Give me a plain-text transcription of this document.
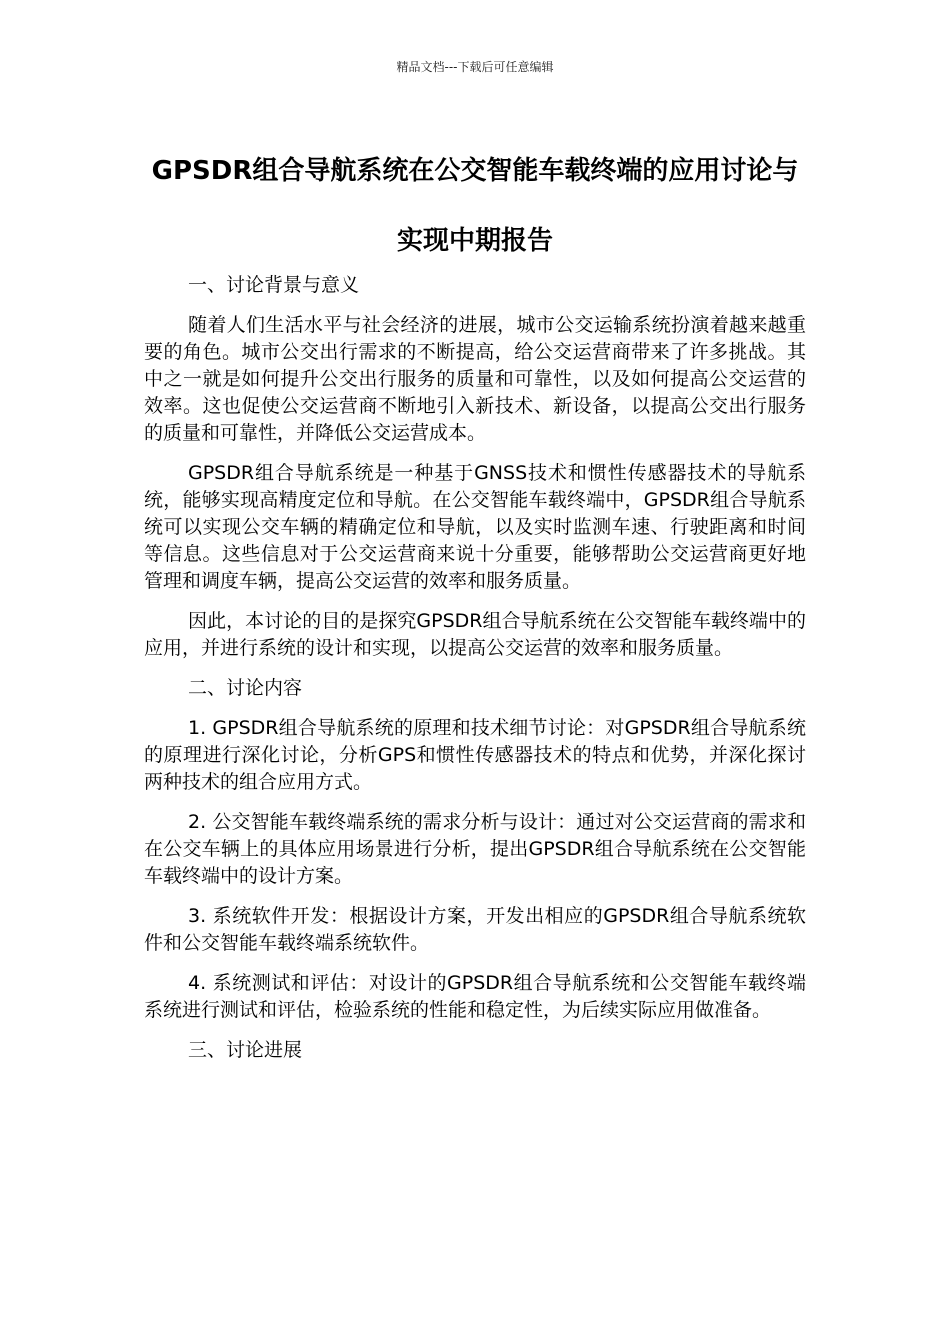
精品文档---下载后可任意编辑
GPSDR组合导航系统在公交智能车载终端的应用讨论与实现中期报告

一、讨论背景与意义

随着人们生活水平与社会经济的进展，城市公交运输系统扮演着越来越重要的角色。城市公交出行需求的不断提高，给公交运营商带来了许多挑战。其中之一就是如何提升公交出行服务的质量和可靠性，以及如何提高公交运营的效率。这也促使公交运营商不断地引入新技术、新设备，以提高公交出行服务的质量和可靠性，并降低公交运营成本。

GPSDR组合导航系统是一种基于GNSS技术和惯性传感器技术的导航系统，能够实现高精度定位和导航。在公交智能车载终端中，GPSDR组合导航系统可以实现公交车辆的精确定位和导航，以及实时监测车速、行驶距离和时间等信息。这些信息对于公交运营商来说十分重要，能够帮助公交运营商更好地管理和调度车辆，提高公交运营的效率和服务质量。

因此，本讨论的目的是探究GPSDR组合导航系统在公交智能车载终端中的应用，并进行系统的设计和实现，以提高公交运营的效率和服务质量。

二、讨论内容

1. GPSDR组合导航系统的原理和技术细节讨论：对GPSDR组合导航系统的原理进行深化讨论，分析GPS和惯性传感器技术的特点和优势，并深化探讨两种技术的组合应用方式。

2. 公交智能车载终端系统的需求分析与设计：通过对公交运营商的需求和在公交车辆上的具体应用场景进行分析，提出GPSDR组合导航系统在公交智能车载终端中的设计方案。

3. 系统软件开发：根据设计方案，开发出相应的GPSDR组合导航系统软件和公交智能车载终端系统软件。

4. 系统测试和评估：对设计的GPSDR组合导航系统和公交智能车载终端系统进行测试和评估，检验系统的性能和稳定性，为后续实际应用做准备。

三、讨论进展
